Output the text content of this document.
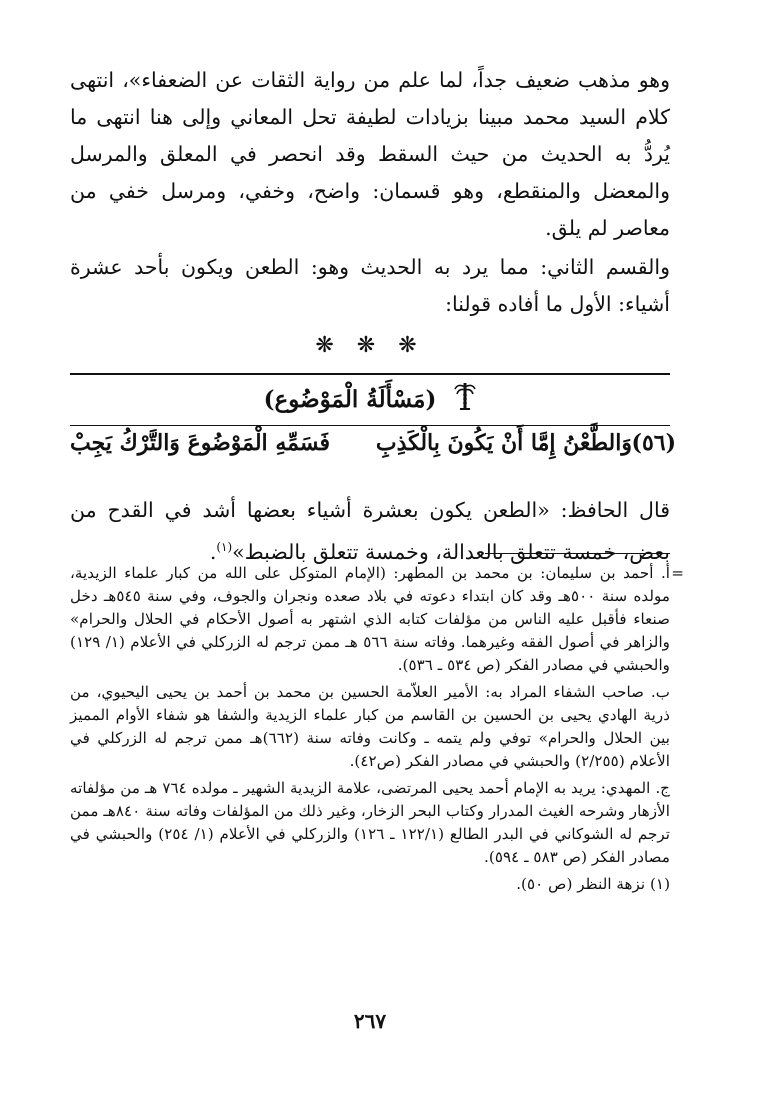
وهو مذهب ضعيف جداً، لما علم من رواية الثقات عن الضعفاء»، انتهى كلام السيد محمد مبينا بزيادات لطيفة تحل المعاني وإلى هنا انتهى ما يُردُّ به الحديث من حيث السقط وقد انحصر في المعلق والمرسل والمعضل والمنقطع، وهو قسمان: واضح، وخفي، ومرسل خفي من معاصر لم يلق.

والقسم الثاني: مما يرد به الحديث وهو: الطعن ويكون بأحد عشرة أشياء: الأول ما أفاده قولنا:

❋ ❋ ❋
(مَسْأَلَةُ الْمَوْضُوع)
(٥٦)
وَالطَّعْنُ إِمَّا أَنْ يَكُونَ بِالْكَذِبِ
فَسَمِّهِ الْمَوْضُوعَ وَالتَّرْكُ يَجِبْ

قال الحافظ: «الطعن يكون بعشرة أشياء بعضها أشد في القدح من بعض، خمسة تتعلق بالعدالة، وخمسة تتعلق بالضبط»$^{(١)}$.

=
أ. أحمد بن سليمان: بن محمد بن المطهر: (الإمام المتوكل على الله من كبار علماء الزيدية، مولده سنة ٥٠٠هـ وقد كان ابتداء دعوته في بلاد صعده ونجران والجوف، وفي سنة ٥٤٥هـ دخل صنعاء فأقبل عليه الناس من مؤلفات كتابه الذي اشتهر به أصول الأحكام في الحلال والحرام» والزاهر في أصول الفقه وغيرهما. وفاته سنة ٥٦٦ هـ ممن ترجم له الزركلي في الأعلام (١/ ١٢٩) والحبشي في مصادر الفكر (ص ٥٣٤ ـ ٥٣٦).

ب. صاحب الشفاء المراد به: الأمير العلاّمة الحسين بن محمد بن أحمد بن يحيى اليحيوي، من ذرية الهادي يحيى بن الحسين بن القاسم من كبار علماء الزيدية والشفا هو شفاء الأوام المميز بين الحلال والحرام» توفي ولم يتمه ـ وكانت وفاته سنة (٦٦٢)هـ ممن ترجم له الزركلي في الأعلام (٢/٢٥٥) والحبشي في مصادر الفكر (ص٤٢).

ج. المهدي: يريد به الإمام أحمد يحيى المرتضى، علامة الزيدية الشهير ـ مولده ٧٦٤ هـ من مؤلفاته الأزهار وشرحه الغيث المدرار وكتاب البحر الزخار، وغير ذلك من المؤلفات وفاته سنة ٨٤٠هـ ممن ترجم له الشوكاني في البدر الطالع (١٢٢/١ ـ ١٢٦) والزركلي في الأعلام (١/ ٢٥٤) والحبشي في مصادر الفكر (ص ٥٨٣ ـ ٥٩٤).

(١) نزهة النظر (ص ٥٠).

٢٦٧
